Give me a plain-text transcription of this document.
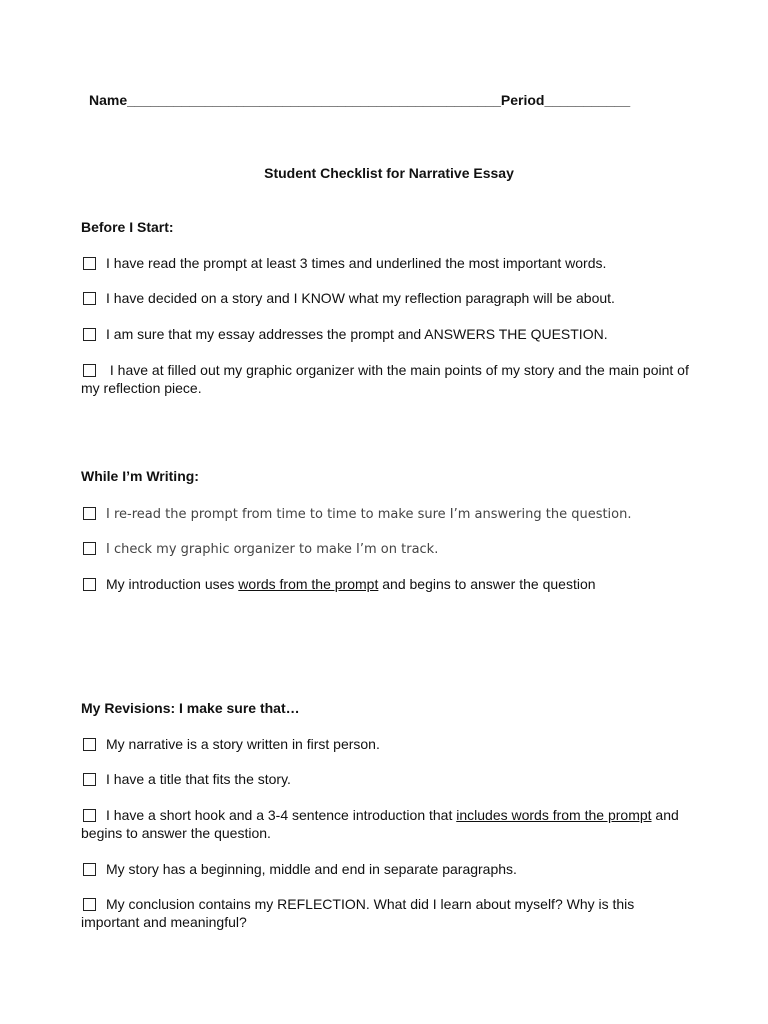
Name________________________________________________Period___________
Student Checklist for Narrative Essay
Before I Start:
I have read the prompt at least 3 times and underlined the most important words.
I have decided on a story and I KNOW what my reflection paragraph will be about.
I am sure that my essay addresses the prompt and ANSWERS THE QUESTION.
I have at filled out my graphic organizer with the main points of my story and the main point of my reflection piece.
While I’m Writing:
I re-read the prompt from time to time to make sure I’m answering the question.
I check my graphic organizer to make I’m on track.
My introduction uses words from the prompt and begins to answer the question
My Revisions: I make sure that…
My narrative is a story written in first person.
I have a title that fits the story.
I have a short hook and a 3-4 sentence introduction that includes words from the prompt and begins to answer the question.
My story has a beginning, middle and end in separate paragraphs.
My conclusion contains my REFLECTION. What did I learn about myself? Why is this important and meaningful?
